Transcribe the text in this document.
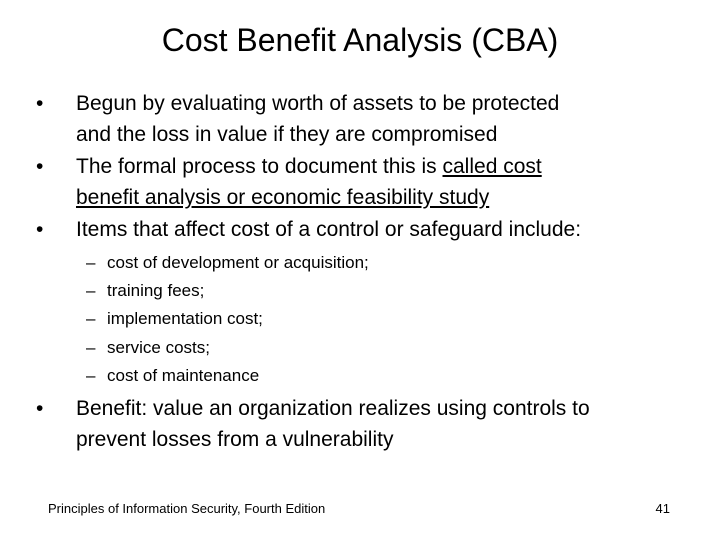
Cost Benefit Analysis (CBA)
•	Begun by evaluating worth of assets to be protected
and the loss in value if they are compromised
•	The formal process to document this is called cost
benefit analysis or economic feasibility study
•	Items that affect cost of a control or safeguard include:
– cost of development or acquisition;
– training fees;
– implementation cost;
– service costs;
– cost of maintenance
•	Benefit: value an organization realizes using controls to
prevent losses from a vulnerability
Principles of Information Security, Fourth Edition	41
